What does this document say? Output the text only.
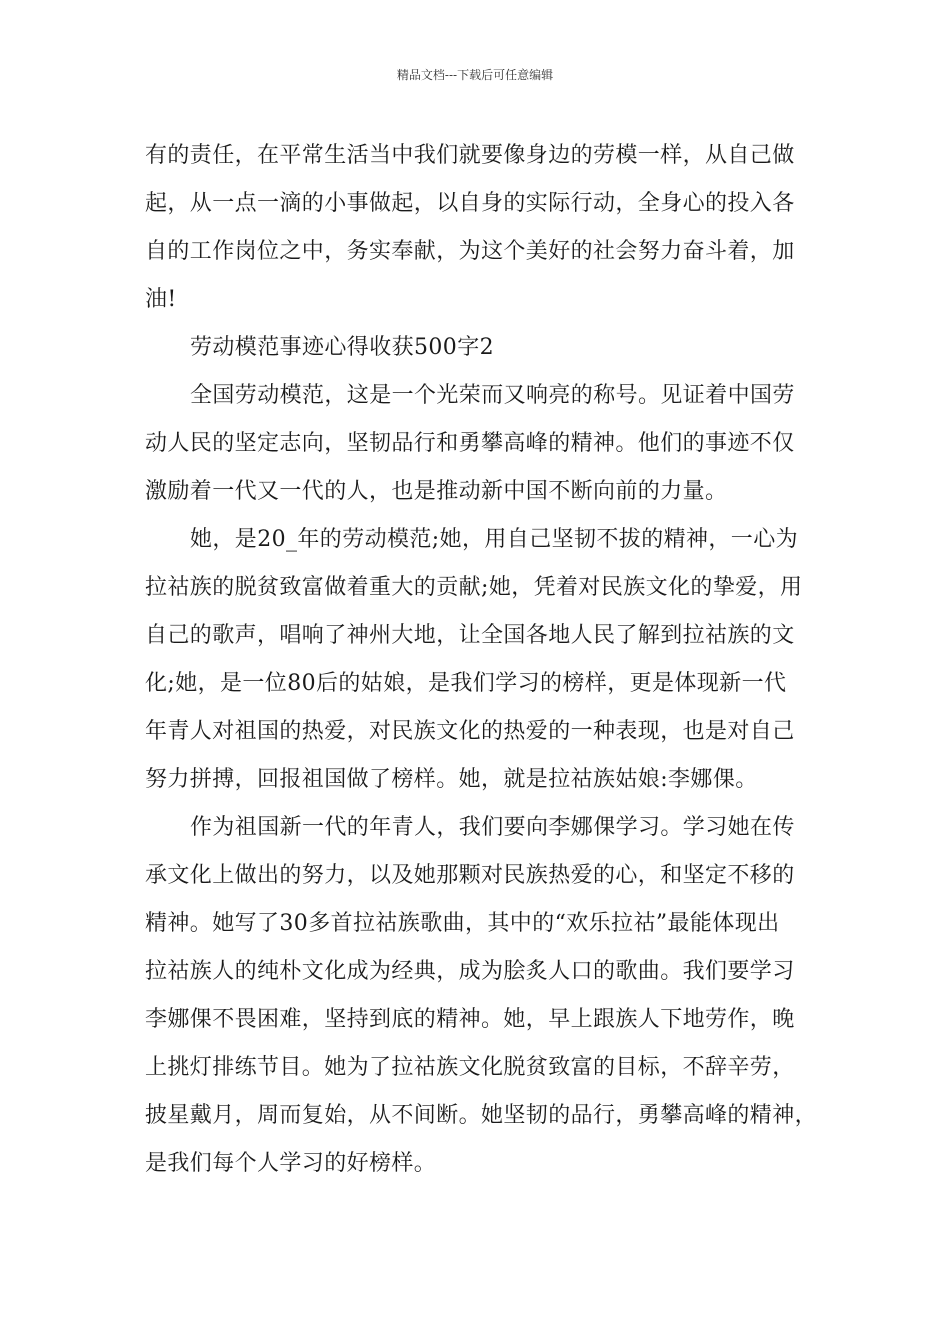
精品文档---下载后可任意编辑
有的责任，在平常生活当中我们就要像身边的劳模一样，从自己做
起，从一点一滴的小事做起，以自身的实际行动，全身心的投入各
自的工作岗位之中，务实奉献，为这个美好的社会努力奋斗着，加
油!
劳动模范事迹心得收获500字2
全国劳动模范，这是一个光荣而又响亮的称号。见证着中国劳
动人民的坚定志向，坚韧品行和勇攀高峰的精神。他们的事迹不仅
激励着一代又一代的人，也是推动新中国不断向前的力量。
她，是20_年的劳动模范;她，用自己坚韧不拔的精神，一心为
拉祜族的脱贫致富做着重大的贡献;她，凭着对民族文化的挚爱，用
自己的歌声，唱响了神州大地，让全国各地人民了解到拉祜族的文
化;她，是一位80后的姑娘，是我们学习的榜样，更是体现新一代
年青人对祖国的热爱，对民族文化的热爱的一种表现，也是对自己
努力拼搏，回报祖国做了榜样。她，就是拉祜族姑娘:李娜倮。
作为祖国新一代的年青人，我们要向李娜倮学习。学习她在传
承文化上做出的努力，以及她那颗对民族热爱的心，和坚定不移的
精神。她写了30多首拉祜族歌曲，其中的“欢乐拉祜”最能体现出
拉祜族人的纯朴文化成为经典，成为脍炙人口的歌曲。我们要学习
李娜倮不畏困难，坚持到底的精神。她，早上跟族人下地劳作，晚
上挑灯排练节目。她为了拉祜族文化脱贫致富的目标，不辞辛劳，
披星戴月，周而复始，从不间断。她坚韧的品行，勇攀高峰的精神，
是我们每个人学习的好榜样。
